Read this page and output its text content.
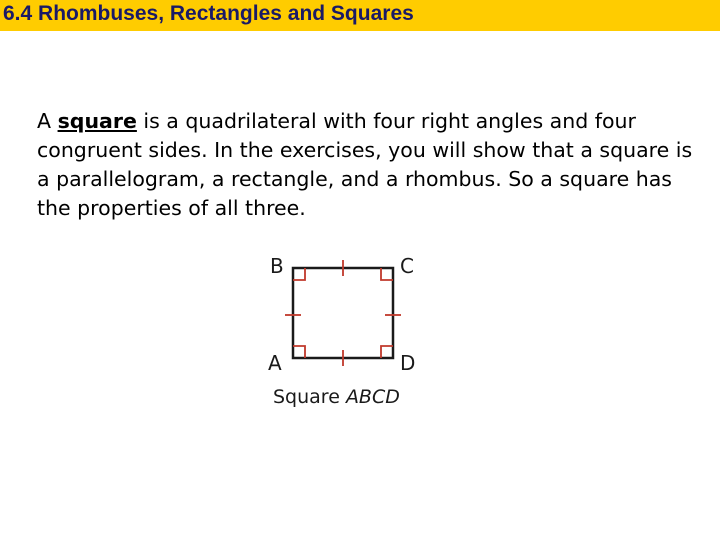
6.4 Rhombuses, Rectangles and Squares
A square is a quadrilateral with four right angles and four congruent sides. In the exercises, you will show that a square is a parallelogram, a rectangle, and a rhombus. So a square has the properties of all three.
B	C
A	D
Square ABCD
